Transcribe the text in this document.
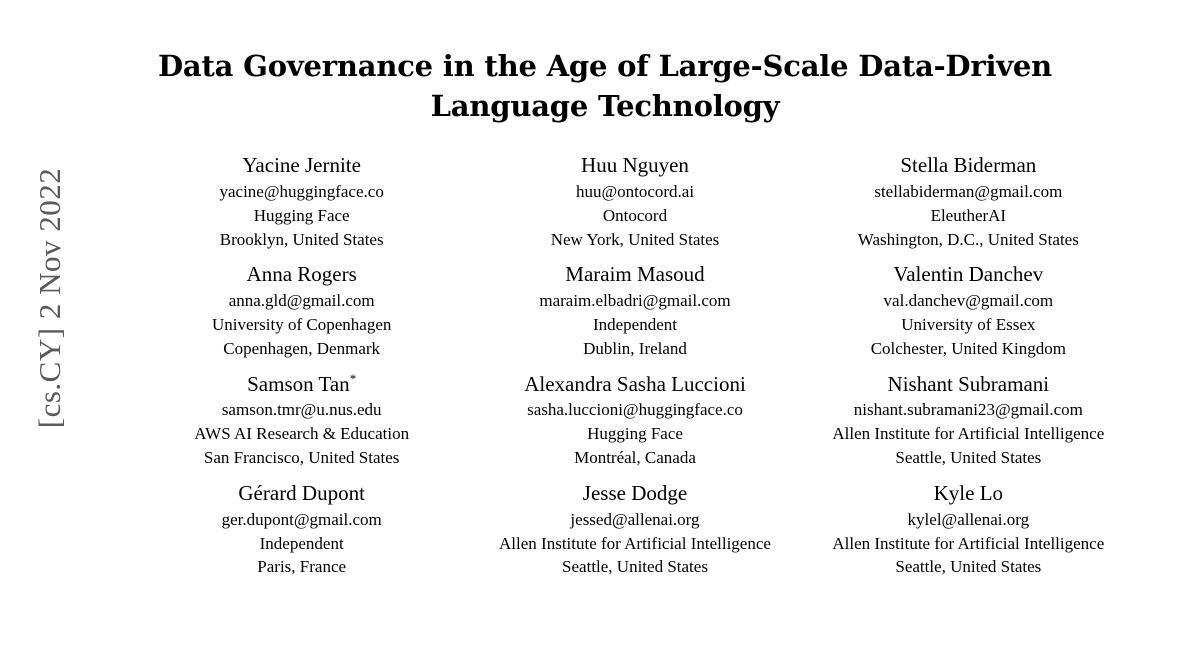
[cs.CY] 2 Nov 2022
Data Governance in the Age of Large-Scale Data-Driven Language Technology
Yacine Jernite
yacine@huggingface.co
Hugging Face
Brooklyn, United States
Huu Nguyen
huu@ontocord.ai
Ontocord
New York, United States
Stella Biderman
stellabiderman@gmail.com
EleutherAI
Washington, D.C., United States
Anna Rogers
anna.gld@gmail.com
University of Copenhagen
Copenhagen, Denmark
Maraim Masoud
maraim.elbadri@gmail.com
Independent
Dublin, Ireland
Valentin Danchev
val.danchev@gmail.com
University of Essex
Colchester, United Kingdom
Samson Tan*
samson.tmr@u.nus.edu
AWS AI Research & Education
San Francisco, United States
Alexandra Sasha Luccioni
sasha.luccioni@huggingface.co
Hugging Face
Montréal, Canada
Nishant Subramani
nishant.subramani23@gmail.com
Allen Institute for Artificial Intelligence
Seattle, United States
Gérard Dupont
ger.dupont@gmail.com
Independent
Paris, France
Jesse Dodge
jessed@allenai.org
Allen Institute for Artificial Intelligence
Seattle, United States
Kyle Lo
kylel@allenai.org
Allen Institute for Artificial Intelligence
Seattle, United States
